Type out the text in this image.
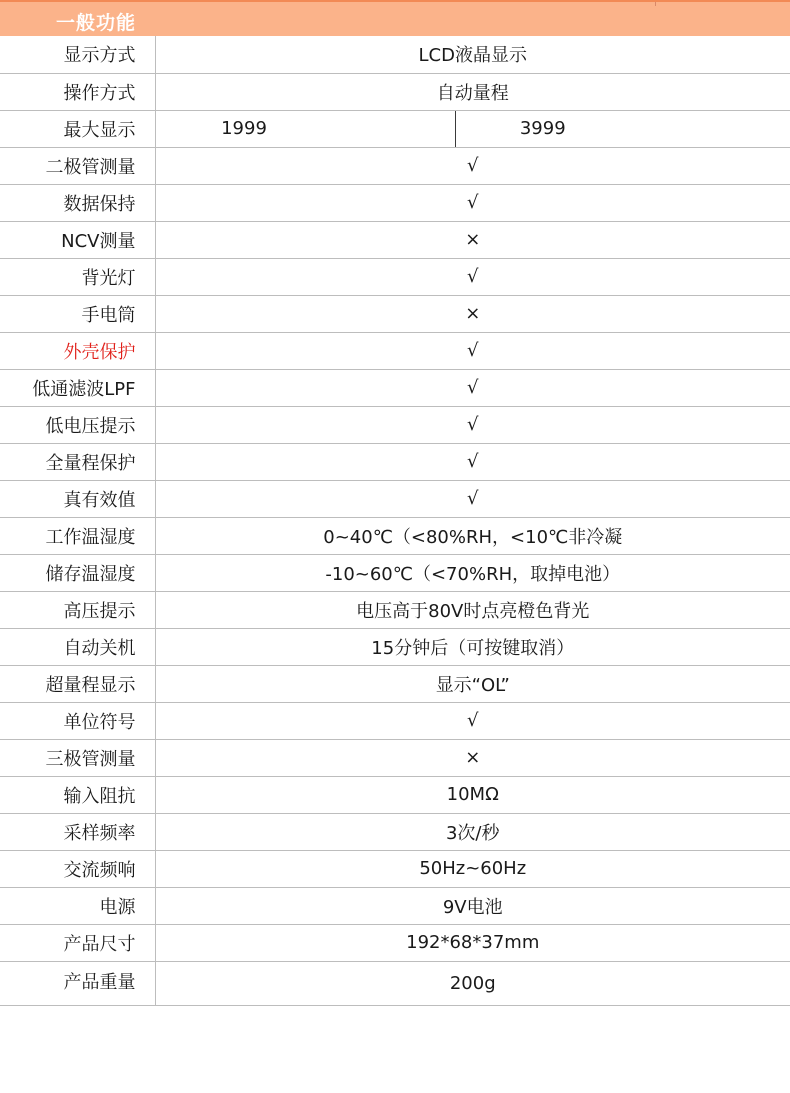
一般功能
显示方式	LCD液晶显示	
操作方式	自动量程	
最大显示	1999	3999
二极管测量	√	
数据保持	√	
NCV测量	×	
背光灯	√	
手电筒	×	
外壳保护	√	
低通滤波LPF	√	
低电压提示	√	
全量程保护	√	
真有效值	√	
工作温湿度	0~40℃（<80%RH，<10℃非冷凝	
储存温湿度	-10~60℃（<70%RH，取掉电池）	
高压提示	电压高于80V时点亮橙色背光	
自动关机	15分钟后（可按键取消）	
超量程显示	显示“OL”	
单位符号	√	
三极管测量	×	
输入阻抗	10MΩ	
采样频率	3次/秒	
交流频响	50Hz~60Hz	
电源	9V电池	
产品尺寸	192*68*37mm	
产品重量	200g	
